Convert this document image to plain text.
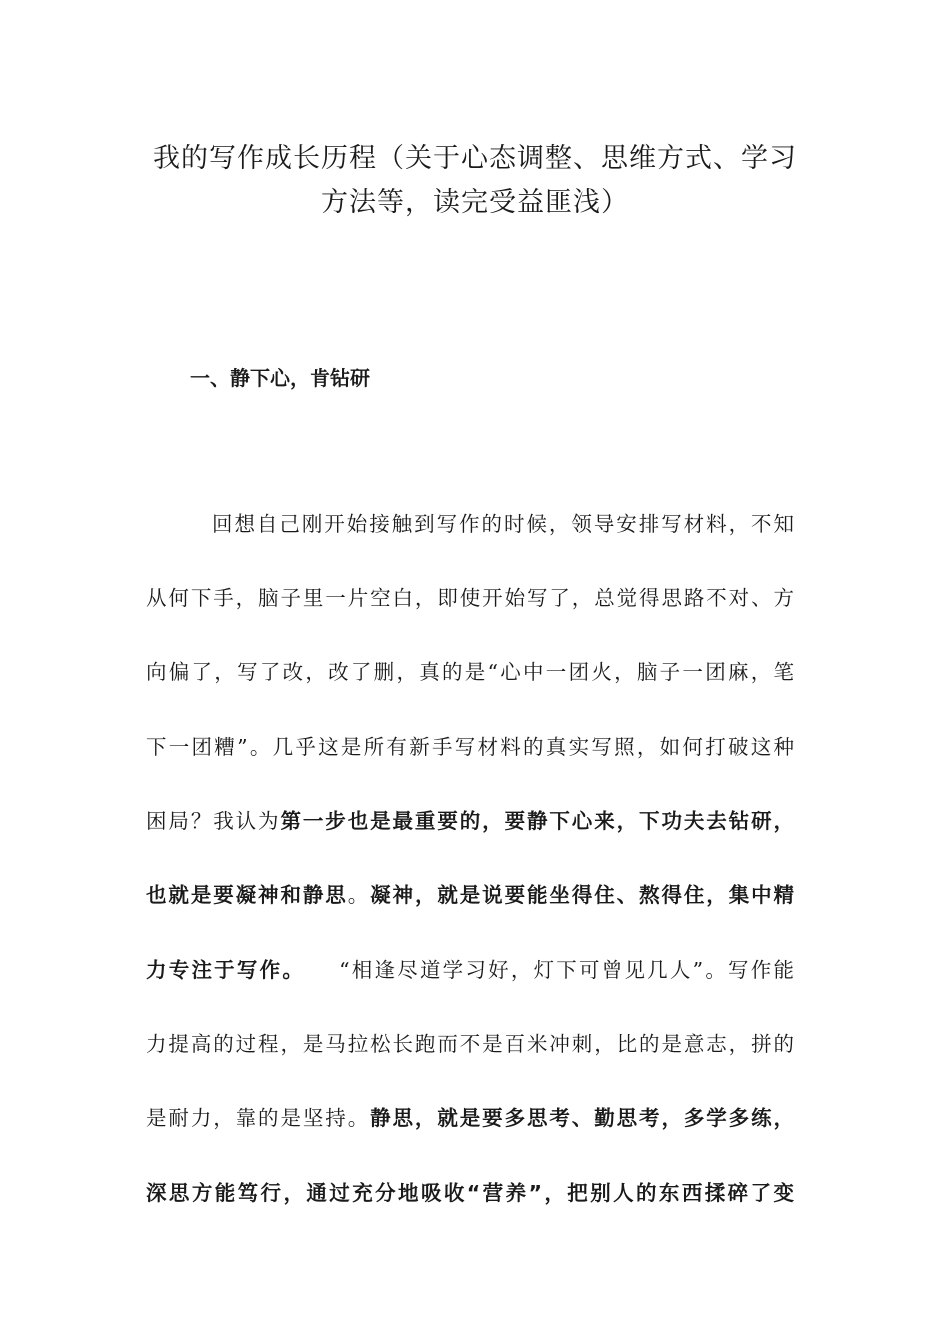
我的写作成长历程（关于心态调整、思维方式、学习
方法等，读完受益匪浅）
一、静下心，肯钻研
回想自己刚开始接触到写作的时候，领导安排写材料，不知
从何下手，脑子里一片空白，即使开始写了，总觉得思路不对、方
向偏了，写了改，改了删，真的是“心中一团火，脑子一团麻，笔
下一团糟”。几乎这是所有新手写材料的真实写照，如何打破这种
困局？我认为第一步也是最重要的，要静下心来，下功夫去钻研，
也就是要凝神和静思。凝神，就是说要能坐得住、熬得住，集中精
力专注于写作。 “相逢尽道学习好，灯下可曾见几人”。写作能
力提高的过程，是马拉松长跑而不是百米冲刺，比的是意志，拼的
是耐力，靠的是坚持。静思，就是要多思考、勤思考，多学多练，
深思方能笃行，通过充分地吸收“营养”，把别人的东西揉碎了变
